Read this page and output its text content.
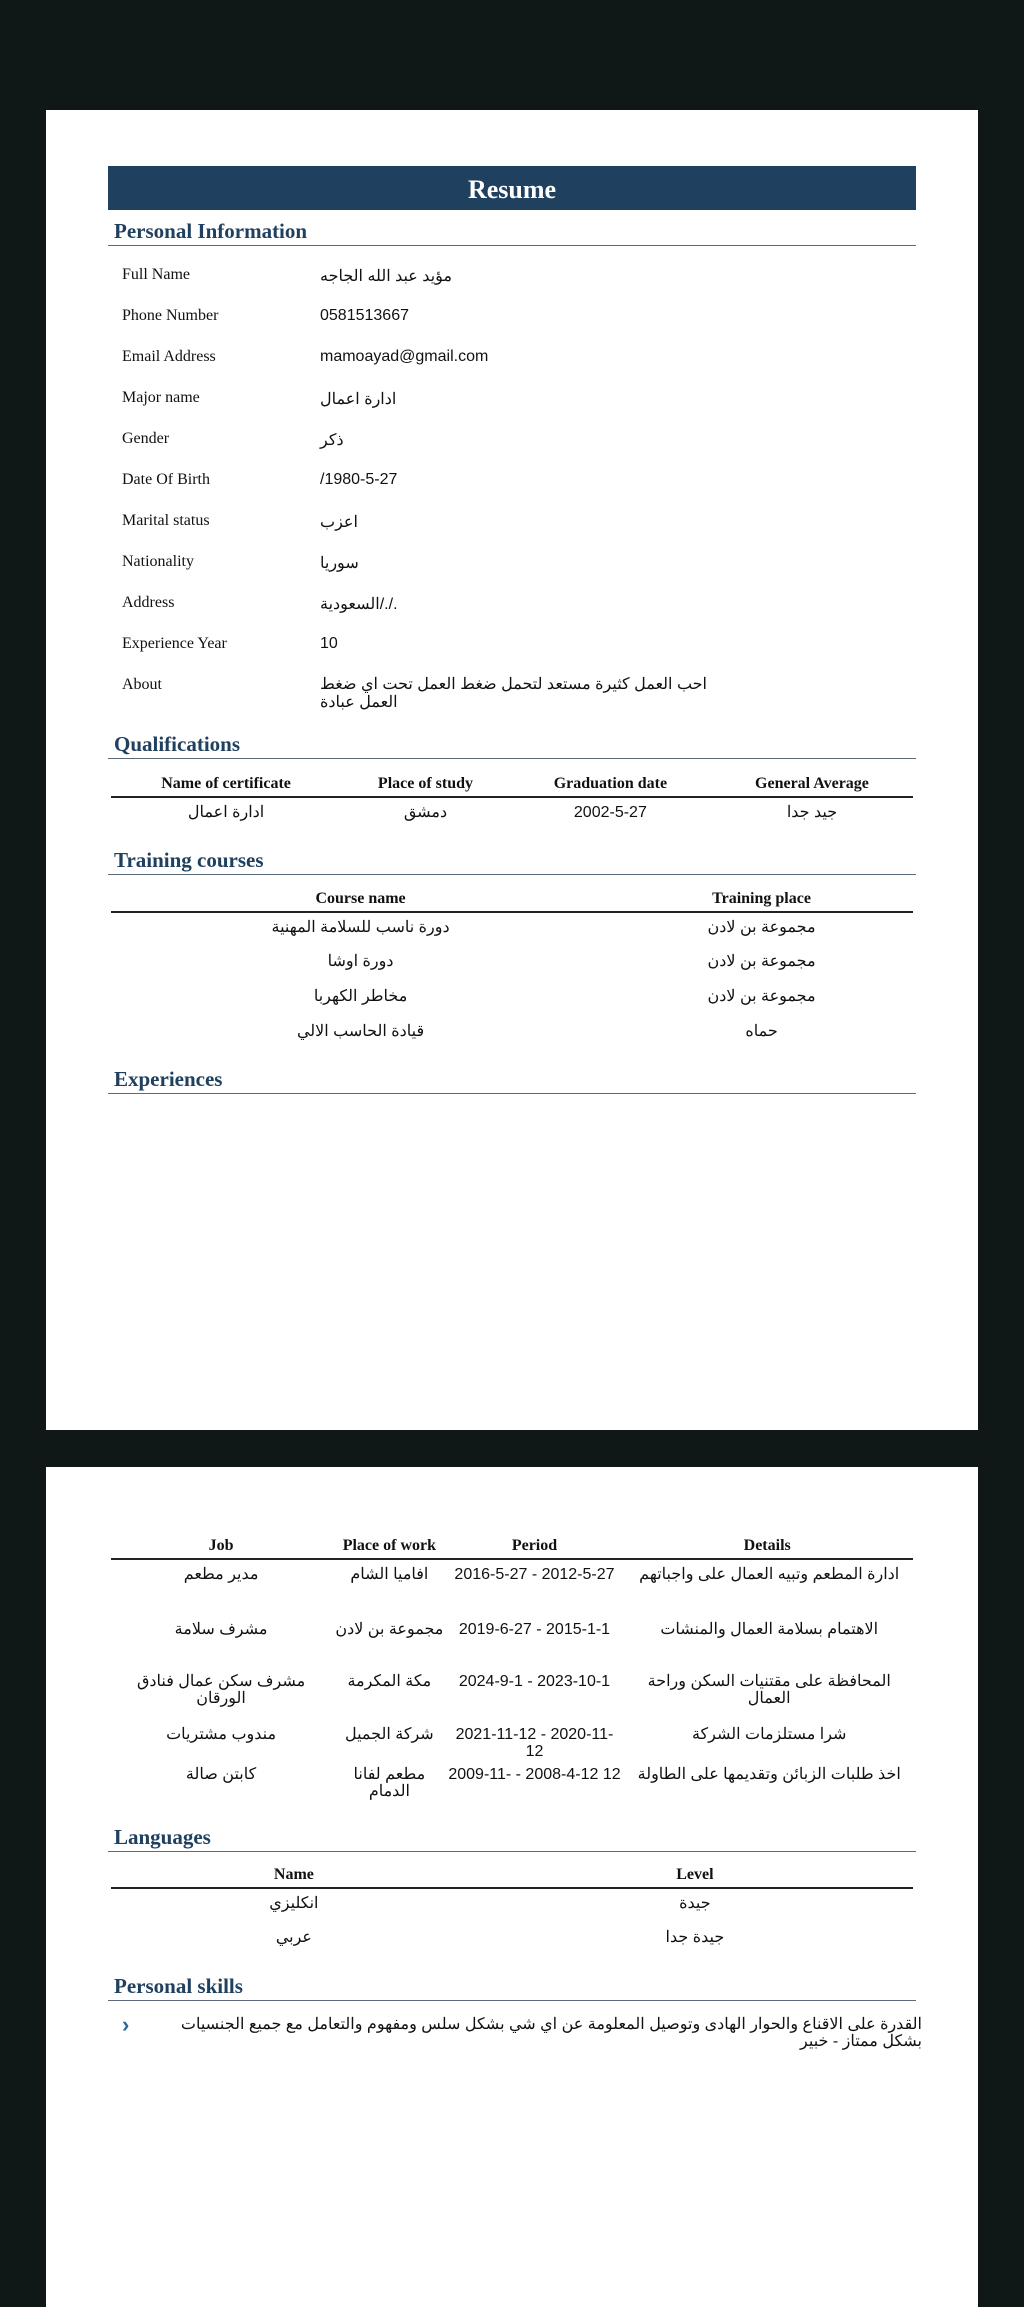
Resume
Personal Information
Full Name	مؤيد عبد الله الجاجه
Phone Number	0581513667
Email Address	mamoayad@gmail.com
Major name	ادارة اعمال
Gender	ذكر
Date Of Birth	/1980-5-27
Marital status	اعزب
Nationality	سوريا
Address	السعودية/./.
Experience Year	10
About	احب العمل كثيرة مستعد لتحمل ضغط العمل تحت اي ضغط العمل عبادة
Qualifications
Name of certificate	Place of study	Graduation date	General Average
ادارة اعمال	دمشق	2002-5-27	جيد جدا
Training courses
Course name	Training place
دورة ناسب للسلامة المهنية	مجموعة بن لادن
دورة اوشا	مجموعة بن لادن
مخاطر الكهربا	مجموعة بن لادن
قيادة الحاسب الالي	حماه
Experiences
Job	Place of work	Period	Details
مدير مطعم	افاميا الشام	2016-5-27 - 2012-5-27	ادارة المطعم وتبيه العمال على واجباتهم
مشرف سلامة	مجموعة بن لادن	2019-6-27 - 2015-1-1	الاهتمام بسلامة العمال والمنشات
مشرف سكن عمال فنادق الورقان	مكة المكرمة	2024-9-1 - 2023-10-1	المحافظة على مقتنيات السكن وراحة العمال
مندوب مشتريات	شركة الجميل	2021-11-12 - 2020-11-12	شرا مستلزمات الشركة
كابتن صالة	مطعم لفانا الدمام	2009-11- - 2008-4-12 12	اخذ طلبات الزبائن وتقديمها على الطاولة
Languages
Name	Level
انكليزي	جيدة
عربي	جيدة جدا
Personal skills
›	القدرة على الاقناع والحوار الهادى وتوصيل المعلومة عن اي شي بشكل سلس ومفهوم والتعامل مع جميع الجنسيات بشكل ممتاز - خبير
